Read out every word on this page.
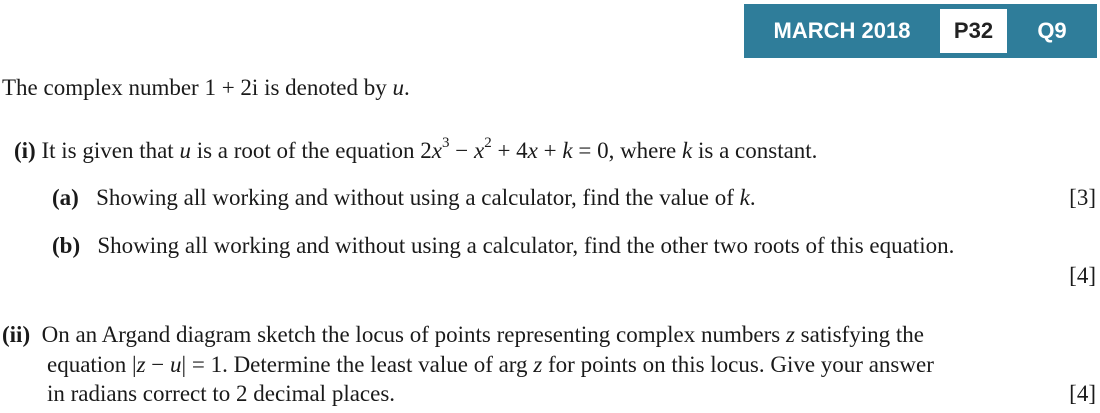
MARCH 2018	P32	Q9
The complex number 1 + 2i is denoted by u.
(i) It is given that u is a root of the equation $2x^3 - x^2 + 4x + k = 0$, where k is a constant.
(a) Showing all working and without using a calculator, find the value of k.	[3]
(b) Showing all working and without using a calculator, find the other two roots of this equation.
[4]
(ii) On an Argand diagram sketch the locus of points representing complex numbers z satisfying the
equation |z − u| = 1. Determine the least value of arg z for points on this locus. Give your answer
in radians correct to 2 decimal places.	[4]
